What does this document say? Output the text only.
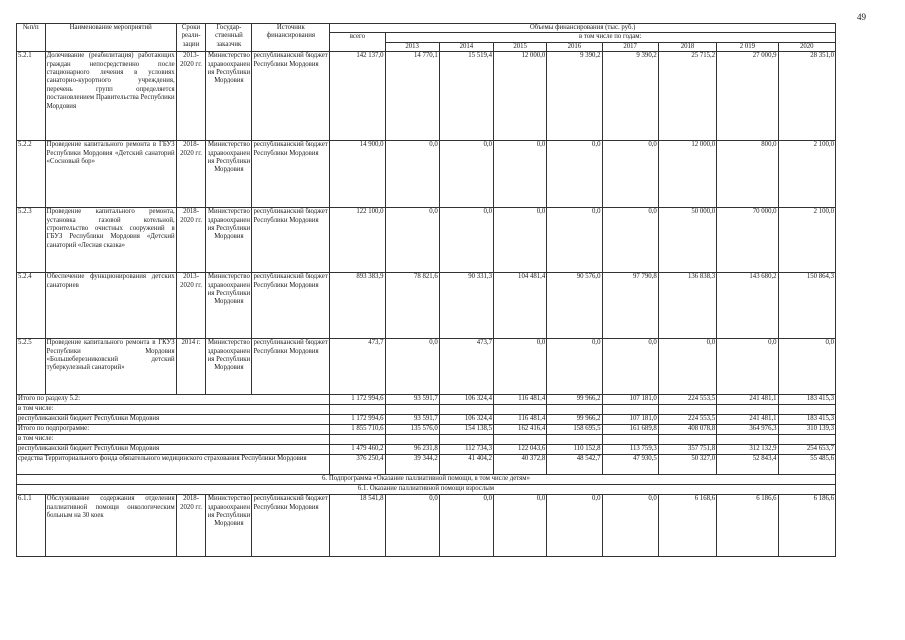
49
№п/п	Наименование мероприятий	Сроки реали-зации	Государ-ственный заказчик	Источник финансирования	Объемы финансирования (тыс. руб.)								
					всего	в том числе по годам:							
						2013	2014	2015	2016	2017	2018	2 019	2020
5.2.1	Долечивание (реабилитация) работающих граждан непосредственно после стационарного лечения в условиях санаторно-курортного учреждения, перечень групп определяется постановлением Правительства Республики Мордовия	2013-2020 гг.	Министерство здравоохранения Республики Мордовия	республиканский бюджет Республики Мордовия	142 137,0	14 770,1	15 519,4	12 000,0	9 390,2	9 390,2	25 715,2	27 000,9	28 351,0
5.2.2	Проведение капитального ремонта в ГБУЗ Республики Мордовия «Детский санаторий «Сосновый бор»	2018-2020 гг.	Министерство здравоохранения Республики Мордовия	республиканский бюджет Республики Мордовия	14 900,0	0,0	0,0	0,0	0,0	0,0	12 000,0	800,0	2 100,0
5.2.3	Проведение капитального ремонта, установка газовой котельной, строительство очистных сооружений в ГБУЗ Республики Мордовия «Детский санаторий «Лесная сказка»	2018-2020 гг.	Министерство здравоохранения Республики Мордовия	республиканский бюджет Республики Мордовия	122 100,0	0,0	0,0	0,0	0,0	0,0	50 000,0	70 000,0	2 100,0
5.2.4	Обеспечение функционирования детских санаториев	2013-2020 гг.	Министерство здравоохранения Республики Мордовия	республиканский бюджет Республики Мордовия	893 383,9	78 821,6	90 331,3	104 481,4	90 576,0	97 790,8	136 838,3	143 680,2	150 864,3
5.2.5	Проведение капитального ремонта в ГКУЗ Республики Мордовия «Большеберезниковский детский туберкулезный санаторий»	2014 г.	Министерство здравоохранения Республики Мордовия	республиканский бюджет Республики Мордовия	473,7	0,0	473,7	0,0	0,0	0,0	0,0	0,0	0,0
Итого по разделу 5.2:					1 172 994,6	93 591,7	106 324,4	116 481,4	99 966,2	107 181,0	224 553,5	241 481,1	183 415,3
в том числе:													
республиканский бюджет Республики Мордовия					1 172 994,6	93 591,7	106 324,4	116 481,4	99 966,2	107 181,0	224 553,5	241 481,1	183 415,3
Итого по подпрограмме:					1 855 710,6	135 576,0	154 138,5	162 416,4	158 695,5	161 689,8	408 078,8	364 976,3	310 139,3
в том числе:													
республиканский бюджет Республики Мордовия					1 479 460,2	96 231,8	112 734,3	122 043,6	110 152,8	113 759,3	357 751,8	312 132,9	254 653,7
средства Территориального фонда обязательного медицинского страхования Республики Мордовия					376 250,4	39 344,2	41 404,2	40 372,8	48 542,7	47 930,5	50 327,0	52 843,4	55 485,6
6. Подпрограмма «Оказание паллиативной помощи, в том числе детям»													
6.1. Оказание паллиативной помощи взрослым													
6.1.1	Обслуживание содержания отделения паллиативной помощи онкологическим больным на 30 коек	2018-2020 гг.	Министерство здравоохранения Республики Мордовия	республиканский бюджет Республики Мордовия	18 541,8	0,0	0,0	0,0	0,0	0,0	6 168,6	6 186,6	6 186,6
